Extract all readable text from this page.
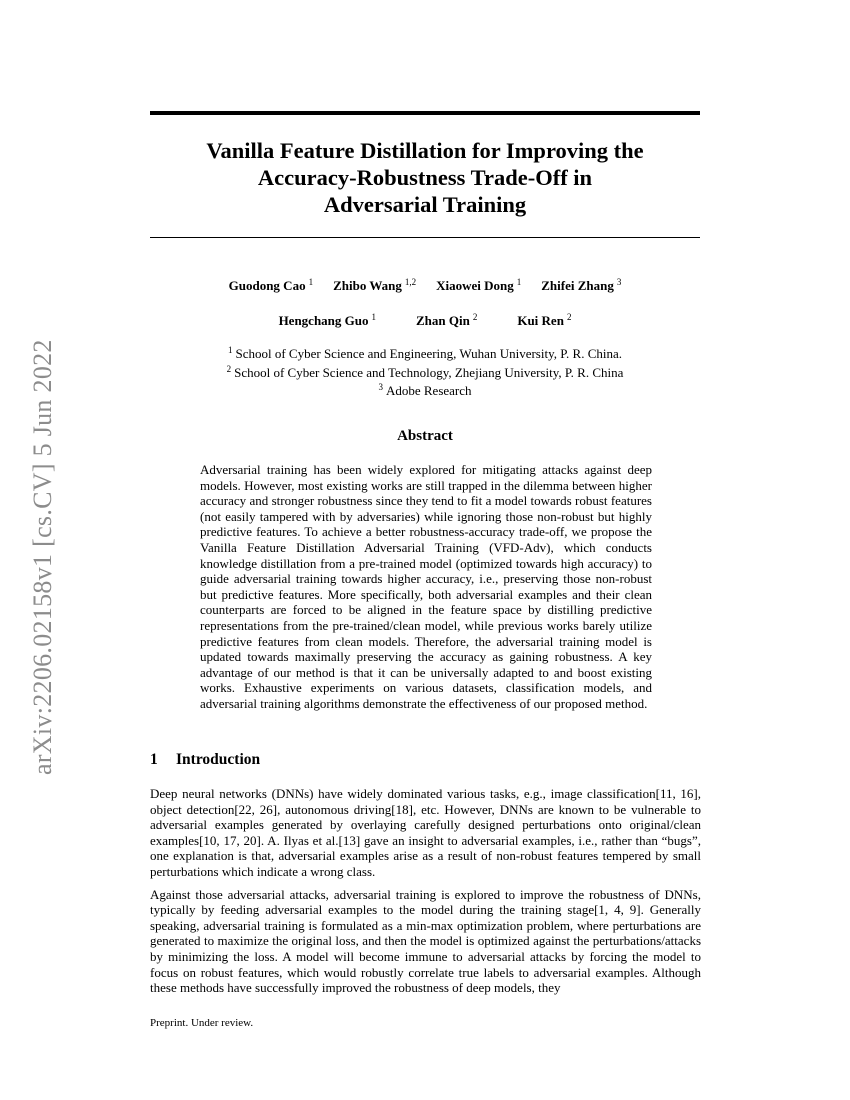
arXiv:2206.02158v1 [cs.CV] 5 Jun 2022
Vanilla Feature Distillation for Improving the
Accuracy-Robustness Trade-Off in
Adversarial Training
Guodong Cao $^1$ Zhibo Wang $^{1,2}$ Xiaowei Dong $^1$ Zhifei Zhang $^3$
Hengchang Guo $^1$	Zhan Qin $^2$	Kui Ren $^2$
$^1$ School of Cyber Science and Engineering, Wuhan University, P. R. China.
$^2$ School of Cyber Science and Technology, Zhejiang University, P. R. China
$^3$ Adobe Research
Abstract
Adversarial training has been widely explored for mitigating attacks against deep models. However, most existing works are still trapped in the dilemma between higher accuracy and stronger robustness since they tend to fit a model towards robust features (not easily tampered with by adversaries) while ignoring those non-robust but highly predictive features. To achieve a better robustness-accuracy trade-off, we propose the Vanilla Feature Distillation Adversarial Training (VFD-Adv), which conducts knowledge distillation from a pre-trained model (optimized towards high accuracy) to guide adversarial training towards higher accuracy, i.e., preserving those non-robust but predictive features. More specifically, both adversarial examples and their clean counterparts are forced to be aligned in the feature space by distilling predictive representations from the pre-trained/clean model, while previous works barely utilize predictive features from clean models. Therefore, the adversarial training model is updated towards maximally preserving the accuracy as gaining robustness. A key advantage of our method is that it can be universally adapted to and boost existing works. Exhaustive experiments on various datasets, classification models, and adversarial training algorithms demonstrate the effectiveness of our proposed method.
1 Introduction

Deep neural networks (DNNs) have widely dominated various tasks, e.g., image classification[11, 16], object detection[22, 26], autonomous driving[18], etc. However, DNNs are known to be vulnerable to adversarial examples generated by overlaying carefully designed perturbations onto original/clean examples[10, 17, 20]. A. Ilyas et al.[13] gave an insight to adversarial examples, i.e., rather than “bugs”, one explanation is that, adversarial examples arise as a result of non-robust features tempered by small perturbations which indicate a wrong class.

Against those adversarial attacks, adversarial training is explored to improve the robustness of DNNs, typically by feeding adversarial examples to the model during the training stage[1, 4, 9]. Generally speaking, adversarial training is formulated as a min-max optimization problem, where perturbations are generated to maximize the original loss, and then the model is optimized against the perturbations/attacks by minimizing the loss. A model will become immune to adversarial attacks by forcing the model to focus on robust features, which would robustly correlate true labels to adversarial examples. Although these methods have successfully improved the robustness of deep models, they

Preprint. Under review.
